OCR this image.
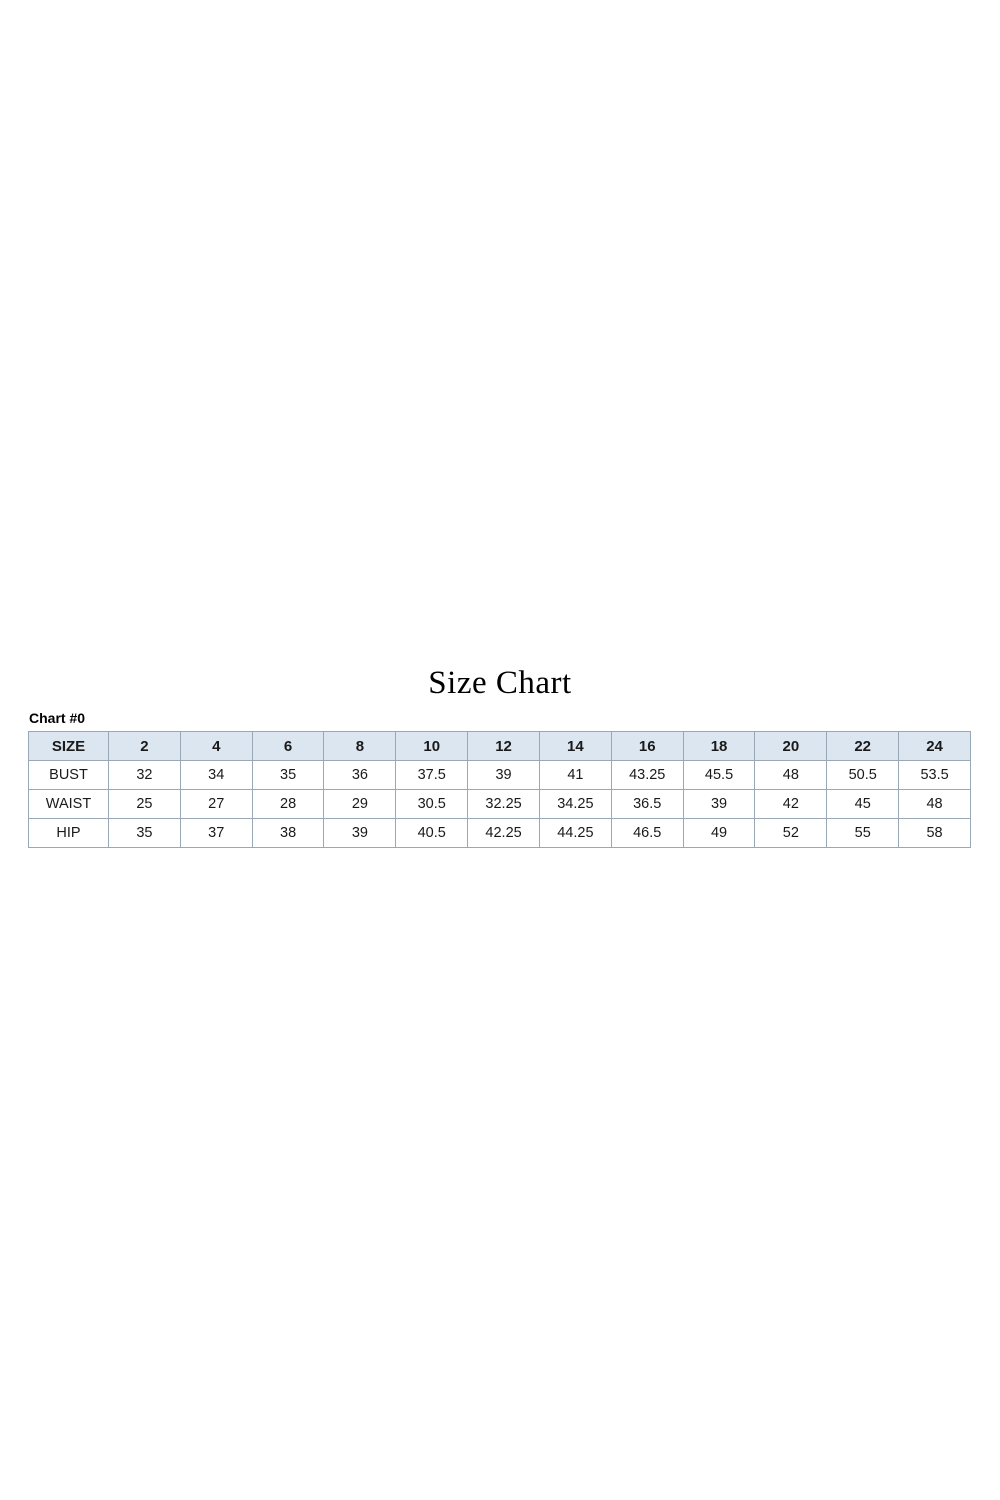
Size Chart
Chart #0
SIZE	2	4	6	8	10	12	14	16	18	20	22	24
BUST	32	34	35	36	37.5	39	41	43.25	45.5	48	50.5	53.5
WAIST	25	27	28	29	30.5	32.25	34.25	36.5	39	42	45	48
HIP	35	37	38	39	40.5	42.25	44.25	46.5	49	52	55	58
